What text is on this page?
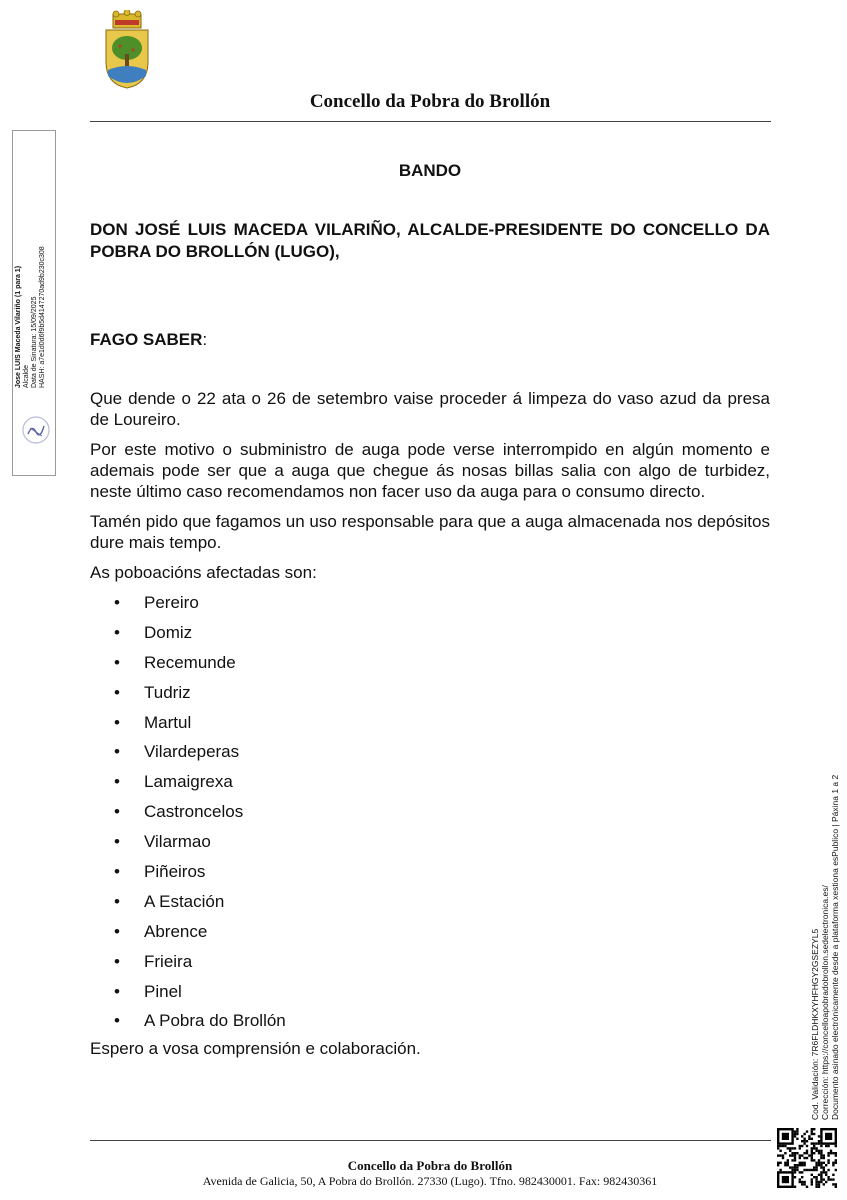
Concello da Pobra do Brollón
Jose LUIS Maceda Vilariño (1 para 1) Alcalde Data de Sinatura: 15/09/2025 HASH: a7e1d0d6f9b5d4147270ad9b230c308
BANDO
DON JOSÉ LUIS MACEDA VILARIÑO, ALCALDE-PRESIDENTE DO CONCELLO DA POBRA DO BROLLÓN (LUGO),
FAGO SABER:

Que dende o 22 ata o 26 de setembro vaise proceder á limpeza do vaso azud da presa de Loureiro.

Por este motivo o subministro de auga pode verse interrompido en algún momento e ademais pode ser que a auga que chegue ás nosas billas salia con algo de turbidez, neste último caso recomendamos non facer uso da auga para o consumo directo.

Tamén pido que fagamos un uso responsable para que a auga almacenada nos depósitos dure mais tempo.

As poboacións afectadas son:

• Pereiro
• Domiz
• Recemunde
• Tudriz
• Martul
• Vilardeperas
• Lamaigrexa
• Castroncelos
• Vilarmao
• Piñeiros
• A Estación
• Abrence
• Frieira
• Pinel
• A Pobra do Brollón
Espero a vosa comprensión e colaboración.	Cod. Validación: 7R6FLDHKXYHFHGY2GSEZYL5 Corrección: https://concelloapobradobrollon.sedelectronica.es/ Documento asinado electrónicamente desde a plataforma xestiona esPublico | Páxina 1 a 2
Concello da Pobra do Brollón
Avenida de Galicia, 50, A Pobra do Brollón. 27330 (Lugo). Tfno. 982430001. Fax: 982430361
